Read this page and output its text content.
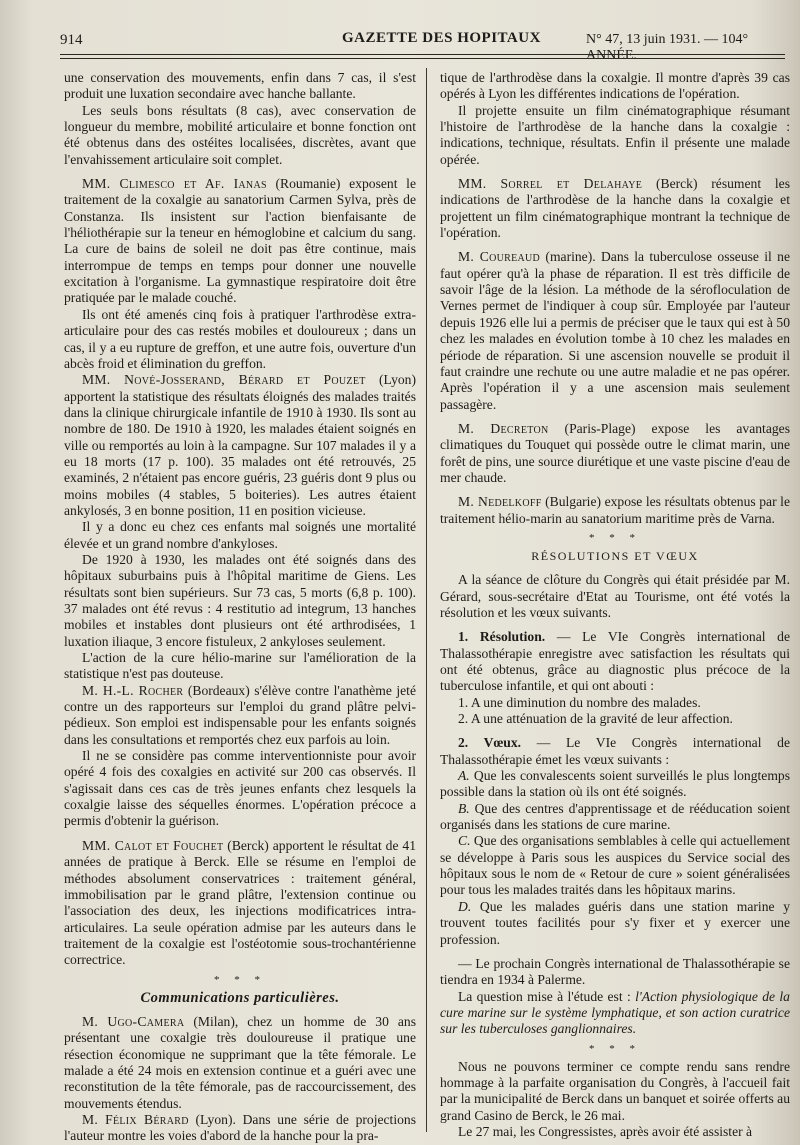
914	GAZETTE DES HOPITAUX	N° 47, 13 juin 1931. — 104° ANNÉE.

une conservation des mouvements, enfin dans 7 cas, il s'est produit une luxation secondaire avec hanche ballante.

Les seuls bons résultats (8 cas), avec conservation de longueur du membre, mobilité articulaire et bonne fonction ont été obtenus dans des ostéites localisées, discrètes, avant que l'envahissement articulaire soit complet.

MM. Climesco et Af. Ianas (Roumanie) exposent le traitement de la coxalgie au sanatorium Carmen Sylva, près de Constanza. Ils insistent sur l'action bienfaisante de l'héliothérapie sur la teneur en hémoglobine et calcium du sang. La cure de bains de soleil ne doit pas être continue, mais interrompue de temps en temps pour donner une nouvelle excitation à l'organisme. La gymnastique respiratoire doit être pratiquée par le malade couché.

Ils ont été amenés cinq fois à pratiquer l'arthrodèse extra-articulaire pour des cas restés mobiles et douloureux ; dans un cas, il y a eu rupture de greffon, et une autre fois, ouverture d'un abcès froid et élimination du greffon.

MM. Nové-Josserand, Bérard et Pouzet (Lyon) apportent la statistique des résultats éloignés des malades traités dans la clinique chirurgicale infantile de 1910 à 1930. Ils sont au nombre de 180. De 1910 à 1920, les malades étaient soignés en ville ou remportés au loin à la campagne. Sur 107 malades il y a eu 18 morts (17 p. 100). 35 malades ont été retrouvés, 25 examinés, 2 n'étaient pas encore guéris, 23 guéris dont 9 plus ou moins mobiles (4 stables, 5 boiteries). Les autres étaient ankylosés, 3 en bonne position, 11 en position vicieuse.

Il y a donc eu chez ces enfants mal soignés une mortalité élevée et un grand nombre d'ankyloses.

De 1920 à 1930, les malades ont été soignés dans des hôpitaux suburbains puis à l'hôpital maritime de Giens. Les résultats sont bien supérieurs. Sur 73 cas, 5 morts (6,8 p. 100). 37 malades ont été revus : 4 restitutio ad integrum, 13 hanches mobiles et instables dont plusieurs ont été arthrodisées, 1 luxation iliaque, 3 encore fistuleux, 2 ankyloses seulement.

L'action de la cure hélio-marine sur l'amélioration de la statistique n'est pas douteuse.

M. H.-L. Rocher (Bordeaux) s'élève contre l'anathème jeté contre un des rapporteurs sur l'emploi du grand plâtre pelvi-pédieux. Son emploi est indispensable pour les enfants soignés dans les consultations et remportés chez eux parfois au loin.

Il ne se considère pas comme interventionniste pour avoir opéré 4 fois des coxalgies en activité sur 200 cas observés. Il s'agissait dans ces cas de très jeunes enfants chez lesquels la coxalgie laisse des séquelles énormes. L'opération précoce a permis d'obtenir la guérison.

MM. Calot et Fouchet (Berck) apportent le résultat de 41 années de pratique à Berck. Elle se résume en l'emploi de méthodes absolument conservatrices : traitement général, immobilisation par le grand plâtre, l'extension continue ou l'association des deux, les injections modificatrices intra-articulaires. La seule opération admise par les auteurs dans le traitement de la coxalgie est l'ostéotomie sous-trochantérienne correctrice.

* * *
Communications particulières.

M. Ugo-Camera (Milan), chez un homme de 30 ans présentant une coxalgie très douloureuse il pratique une résection économique ne supprimant que la tête fémorale. Le malade a été 24 mois en extension continue et a guéri avec une reconstitution de la tête fémorale, pas de raccourcissement, des mouvements étendus.

M. Félix Bérard (Lyon). Dans une série de projections l'auteur montre les voies d'abord de la hanche pour la pra-

tique de l'arthrodèse dans la coxalgie. Il montre d'après 39 cas opérés à Lyon les différentes indications de l'opération.

Il projette ensuite un film cinématographique résumant l'histoire de l'arthrodèse de la hanche dans la coxalgie : indications, technique, résultats. Enfin il présente une malade opérée.

MM. Sorrel et Delahaye (Berck) résument les indications de l'arthrodèse de la hanche dans la coxalgie et projettent un film cinématographique montrant la technique de l'opération.

M. Coureaud (marine). Dans la tuberculose osseuse il ne faut opérer qu'à la phase de réparation. Il est très difficile de savoir l'âge de la lésion. La méthode de la sérofloculation de Vernes permet de l'indiquer à coup sûr. Employée par l'auteur depuis 1926 elle lui a permis de préciser que le taux qui est à 50 chez les malades en évolution tombe à 10 chez les malades en période de réparation. Si une ascension nouvelle se produit il faut craindre une rechute ou une autre maladie et ne pas opérer. Après l'opération il y a une ascension mais seulement passagère.

M. Decreton (Paris-Plage) expose les avantages climatiques du Touquet qui possède outre le climat marin, une forêt de pins, une source diurétique et une vaste piscine d'eau de mer chaude.

M. Nedelkoff (Bulgarie) expose les résultats obtenus par le traitement hélio-marin au sanatorium maritime près de Varna.

* * *
RÉSOLUTIONS ET VŒUX

A la séance de clôture du Congrès qui était présidée par M. Gérard, sous-secrétaire d'Etat au Tourisme, ont été votés la résolution et les vœux suivants.

1. Résolution. — Le VIe Congrès international de Thalassothérapie enregistre avec satisfaction les résultats qui ont été obtenus, grâce au diagnostic plus précoce de la tuberculose infantile, et qui ont abouti :

1. A une diminution du nombre des malades.

2. A une atténuation de la gravité de leur affection.

2. Vœux. — Le VIe Congrès international de Thalassothérapie émet les vœux suivants :

A. Que les convalescents soient surveillés le plus longtemps possible dans la station où ils ont été soignés.

B. Que des centres d'apprentissage et de rééducation soient organisés dans les stations de cure marine.

C. Que des organisations semblables à celle qui actuellement se développe à Paris sous les auspices du Service social des hôpitaux sous le nom de « Retour de cure » soient généralisées pour tous les malades traités dans les hôpitaux marins.

D. Que les malades guéris dans une station marine y trouvent toutes facilités pour s'y fixer et y exercer une profession.

— Le prochain Congrès international de Thalassothérapie se tiendra en 1934 à Palerme.

La question mise à l'étude est : l'Action physiologique de la cure marine sur le système lymphatique, et son action curatrice sur les tuberculoses ganglionnaires.

* * *

Nous ne pouvons terminer ce compte rendu sans rendre hommage à la parfaite organisation du Congrès, à l'accueil fait par la municipalité de Berck dans un banquet et soirée offerts au grand Casino de Berck, le 26 mai.

Le 27 mai, les Congressistes, après avoir été assister à
